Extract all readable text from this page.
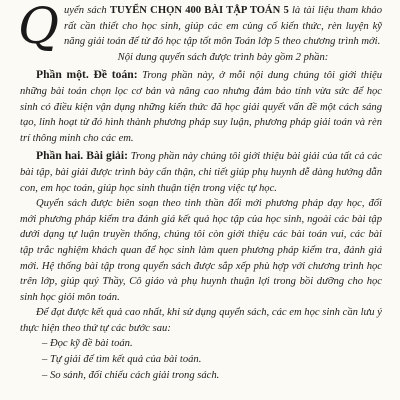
Quyển sách TUYỂN CHỌN 400 BÀI TẬP TOÁN 5 là tài liệu tham khảo rất cần thiết cho học sinh, giúp các em củng cố kiến thức, rèn luyện kỹ năng giải toán để từ đó học tập tốt môn Toán lớp 5 theo chương trình mới.

Nội dung quyển sách được trình bày gồm 2 phần:

Phần một. Đề toán: Trong phần này, ở mỗi nội dung chúng tôi giới thiệu những bài toán chọn lọc cơ bản và nâng cao nhưng đảm bảo tính vừa sức để học sinh có điều kiện vận dụng những kiến thức đã học giải quyết vấn đề một cách sáng tạo, linh hoạt từ đó hình thành phương pháp suy luận, phương pháp giải toán và rèn trí thông minh cho các em.

Phần hai. Bài giải: Trong phần này chúng tôi giới thiệu bài giải của tất cả các bài tập, bài giải được trình bày cẩn thận, chi tiết giúp phụ huynh dễ dàng hướng dẫn con, em học toán, giúp học sinh thuận tiện trong việc tự học.

Quyển sách được biên soạn theo tinh thần đổi mới phương pháp dạy học, đổi mới phương pháp kiểm tra đánh giá kết quả học tập của học sinh, ngoài các bài tập dưới dạng tự luận truyền thống, chúng tôi còn giới thiệu các bài toán vui, các bài tập trắc nghiệm khách quan để học sinh làm quen phương pháp kiểm tra, đánh giá mới. Hệ thống bài tập trong quyển sách được sắp xếp phù hợp với chương trình học trên lớp, giúp quý Thầy, Cô giáo và phụ huynh thuận lợi trong bồi dưỡng cho học sinh học giỏi môn toán.

Để đạt được kết quả cao nhất, khi sử dụng quyển sách, các em học sinh cần lưu ý thực hiện theo thứ tự các bước sau:

– Đọc kỹ đề bài toán.

– Tự giải để tìm kết quả của bài toán.

– So sánh, đối chiếu cách giải trong sách.
